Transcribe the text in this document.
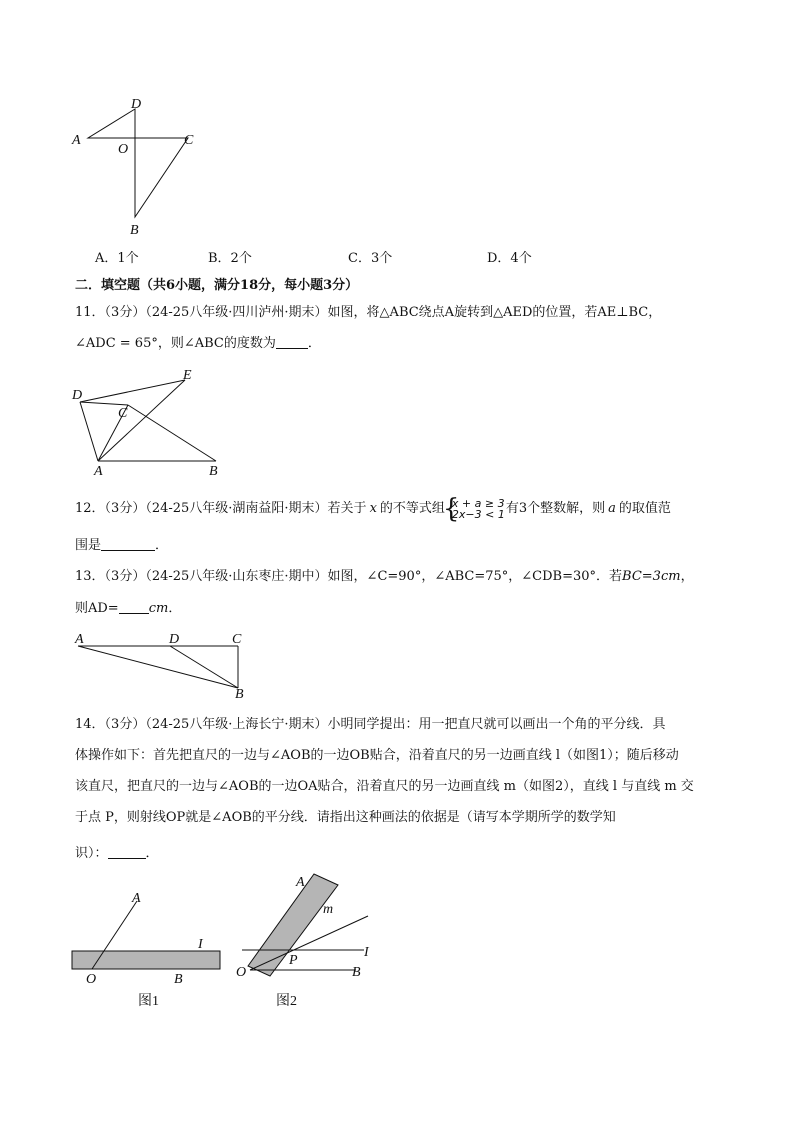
D
A
O
C
B
A．1个	B．2个	C．3个	D．4个
二．填空题（共6小题，满分18分，每小题3分）
11．（3分）（24-25八年级·四川泸州·期末）如图，将△ABC绕点A旋转到△AED的位置，若AE⊥BC，
∠ADC = 65°，则∠ABC的度数为 ．
D
E
C
A	B
12．（3分）（24-25八年级·湖南益阳·期末）若关于 x 的不等式组
{ x + a ≥ 3
2x−3 < 1 有3个整数解，则 a 的取值范
围是	．
13．（3分）（24-25八年级·山东枣庄·期中）如图，∠C=90°，∠ABC=75°，∠CDB=30°．若BC=3cm，
则AD= cm．
A	D	C
B
14．（3分）（24-25八年级·上海长宁·期末）小明同学提出：用一把直尺就可以画出一个角的平分线．具
体操作如下：首先把直尺的一边与∠AOB的一边OB贴合，沿着直尺的另一边画直线 l（如图1）；随后移动
该直尺，把直尺的一边与∠AOB的一边OA贴合，沿着直尺的另一边画直线 m（如图2），直线 l 与直线 m 交
于点 P，则射线OP就是∠AOB的平分线．请指出这种画法的依据是（请写本学期所学的数学知
识）：	．
A
I
O	B
图1
A
m
I
O
P
B
图2
